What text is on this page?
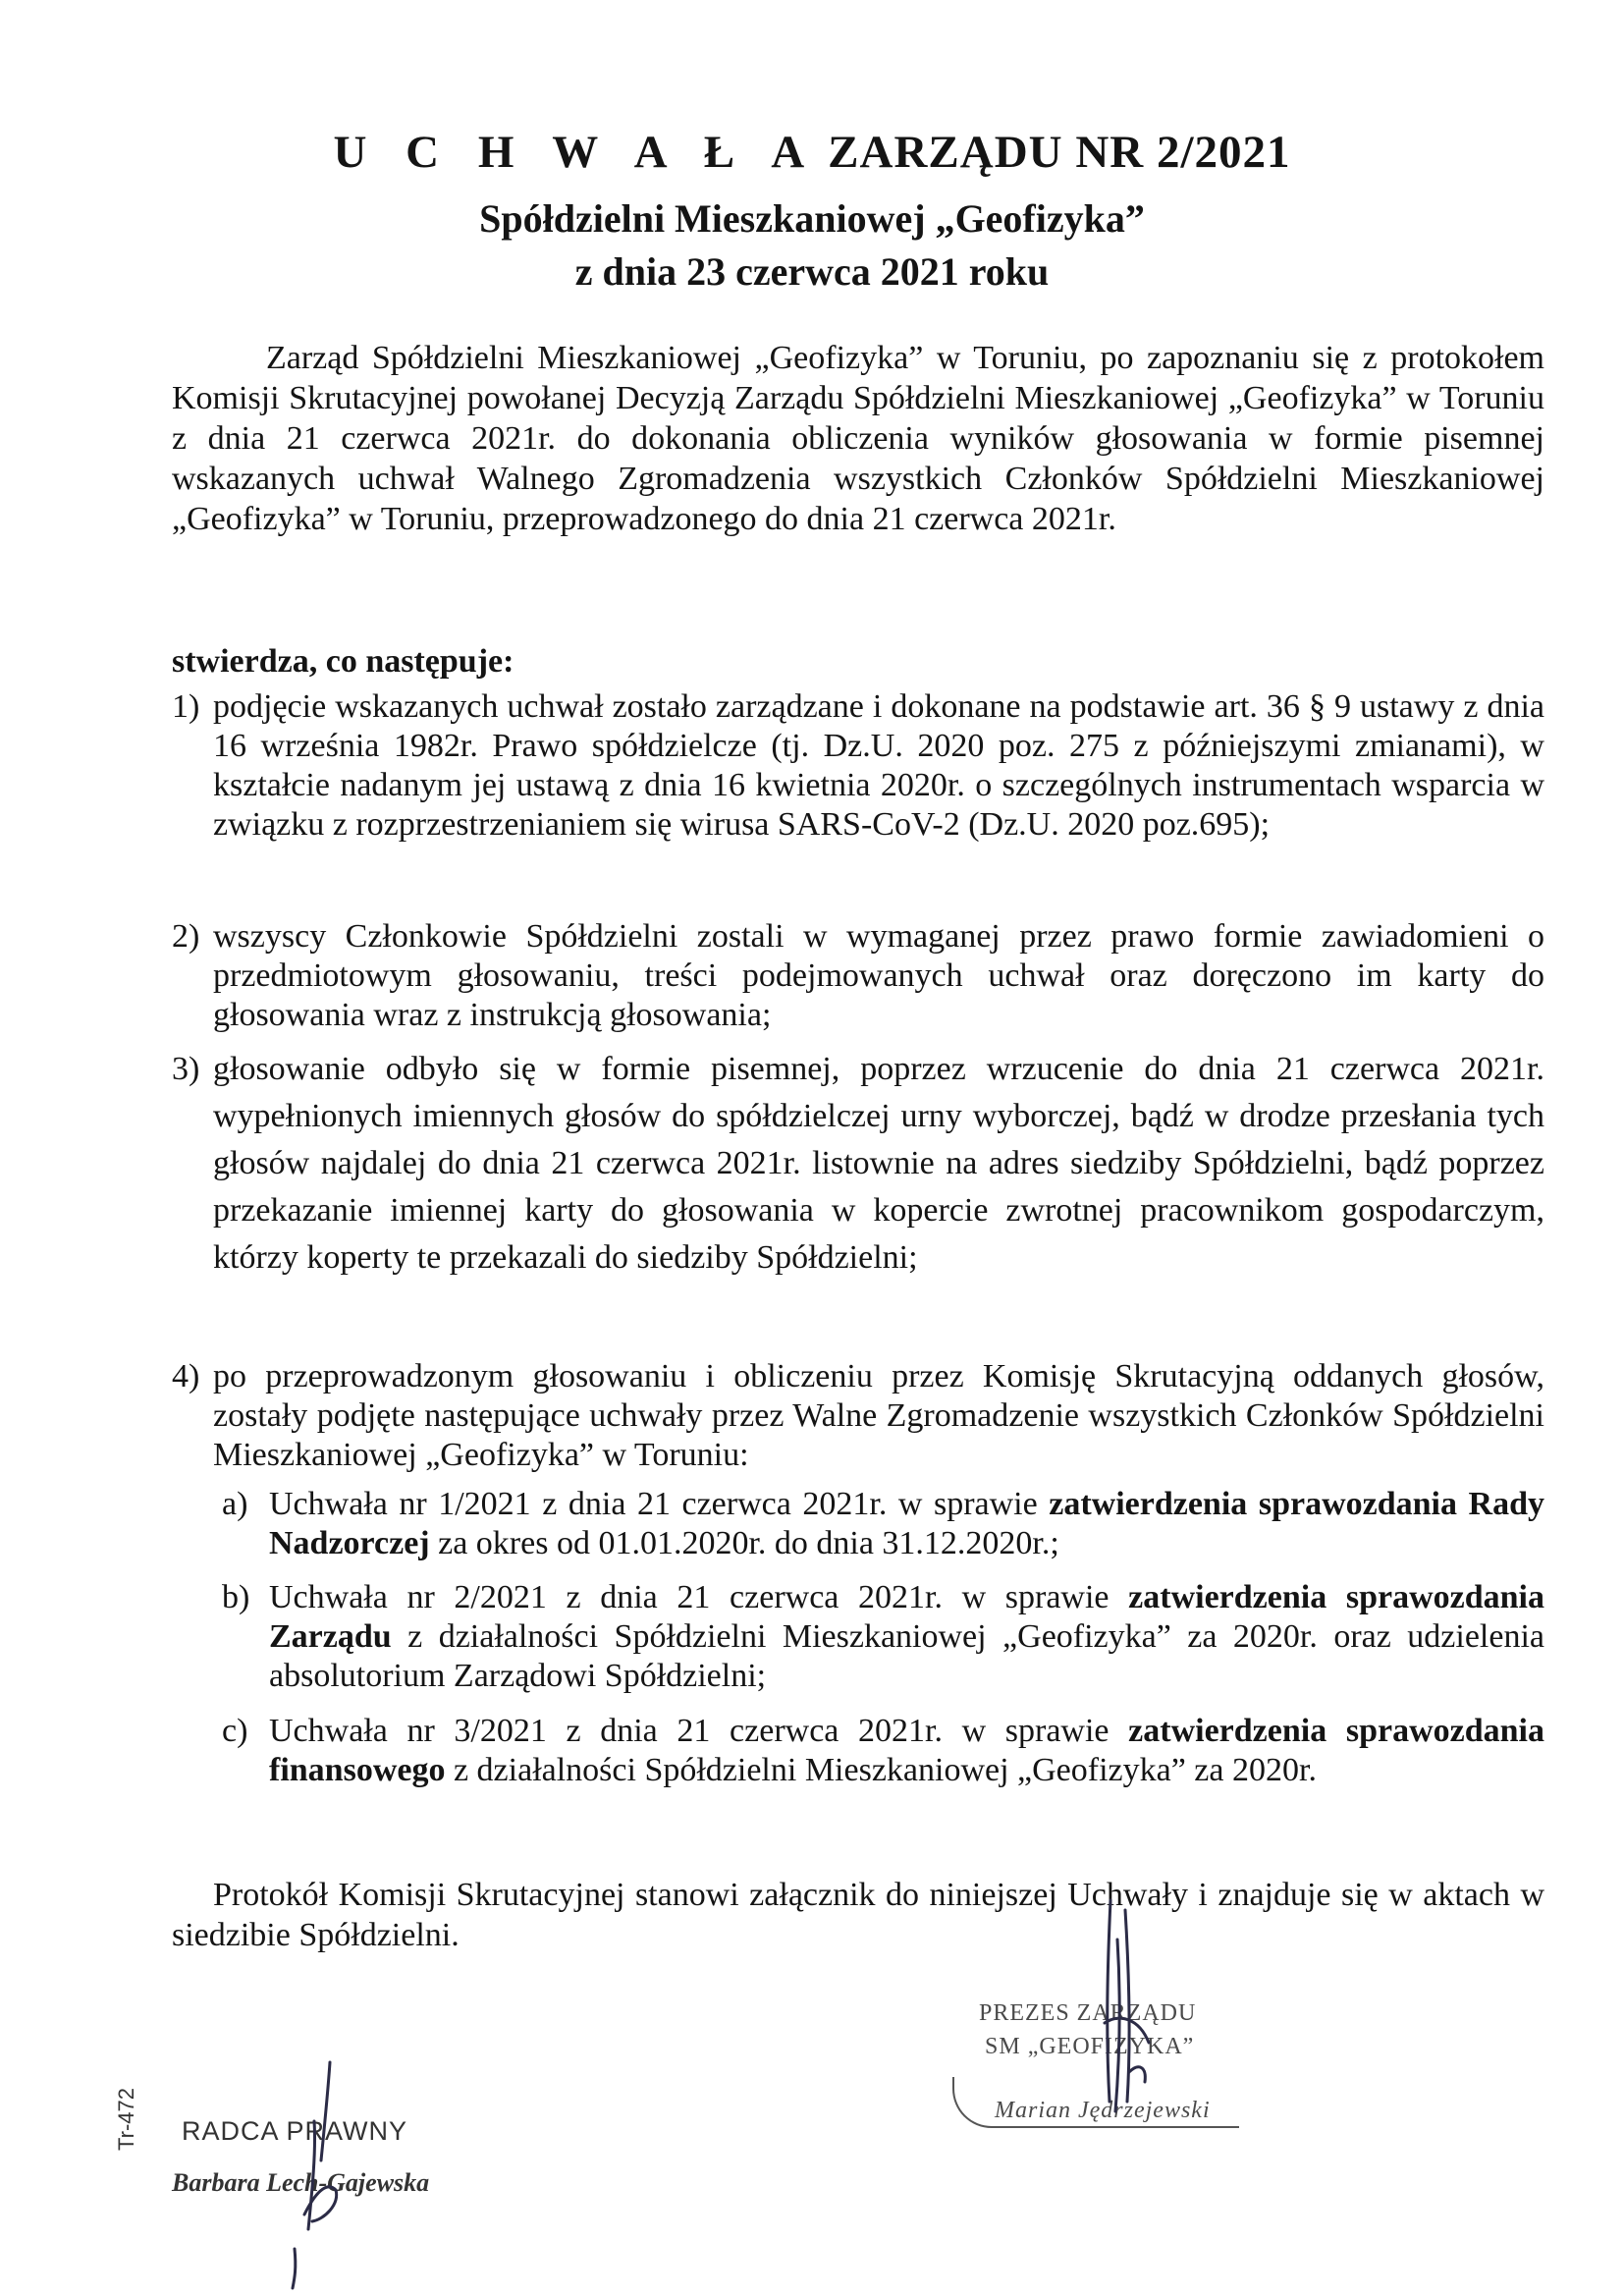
U C H W A Ł A ZARZĄDU NR 2/2021
Spółdzielni Mieszkaniowej „Geofizyka”
z dnia 23 czerwca 2021 roku
Zarząd Spółdzielni Mieszkaniowej „Geofizyka” w Toruniu, po zapoznaniu się z protokołem Komisji Skrutacyjnej powołanej Decyzją Zarządu Spółdzielni Mieszkaniowej „Geofizyka” w Toruniu z dnia 21 czerwca 2021r. do dokonania obliczenia wyników głosowania w formie pisemnej wskazanych uchwał Walnego Zgromadzenia wszystkich Członków Spółdzielni Mieszkaniowej „Geofizyka” w Toruniu, przeprowadzonego do dnia 21 czerwca 2021r.
stwierdza, co następuje:
1) podjęcie wskazanych uchwał zostało zarządzane i dokonane na podstawie art. 36 § 9 ustawy z dnia 16 września 1982r. Prawo spółdzielcze (tj. Dz.U. 2020 poz. 275 z późniejszymi zmianami), w kształcie nadanym jej ustawą z dnia 16 kwietnia 2020r. o szczególnych instrumentach wsparcia w związku z rozprzestrzenianiem się wirusa SARS-CoV-2 (Dz.U. 2020 poz.695);
2) wszyscy Członkowie Spółdzielni zostali w wymaganej przez prawo formie zawiadomieni o przedmiotowym głosowaniu, treści podejmowanych uchwał oraz doręczono im karty do głosowania wraz z instrukcją głosowania;
3) głosowanie odbyło się w formie pisemnej, poprzez wrzucenie do dnia 21 czerwca 2021r. wypełnionych imiennych głosów do spółdzielczej urny wyborczej, bądź w drodze przesłania tych głosów najdalej do dnia 21 czerwca 2021r. listownie na adres siedziby Spółdzielni, bądź poprzez przekazanie imiennej karty do głosowania w kopercie zwrotnej pracownikom gospodarczym, którzy koperty te przekazali do siedziby Spółdzielni;
4) po przeprowadzonym głosowaniu i obliczeniu przez Komisję Skrutacyjną oddanych głosów, zostały podjęte następujące uchwały przez Walne Zgromadzenie wszystkich Członków Spółdzielni Mieszkaniowej „Geofizyka” w Toruniu:
a) Uchwała nr 1/2021 z dnia 21 czerwca 2021r. w sprawie zatwierdzenia sprawozdania Rady Nadzorczej za okres od 01.01.2020r. do dnia 31.12.2020r.;
b) Uchwała nr 2/2021 z dnia 21 czerwca 2021r. w sprawie zatwierdzenia sprawozdania Zarządu z działalności Spółdzielni Mieszkaniowej „Geofizyka” za 2020r. oraz udzielenia absolutorium Zarządowi Spółdzielni;
c) Uchwała nr 3/2021 z dnia 21 czerwca 2021r. w sprawie zatwierdzenia sprawozdania finansowego z działalności Spółdzielni Mieszkaniowej „Geofizyka” za 2020r.
Protokół Komisji Skrutacyjnej stanowi załącznik do niniejszej Uchwały i znajduje się w aktach w siedzibie Spółdzielni.
PREZES ZARZĄDU
SM „GEOFIZYKA”
Marian Jędrzejewski
RADCA PRAWNY
Barbara Lech-Gajewska
Tr-472
